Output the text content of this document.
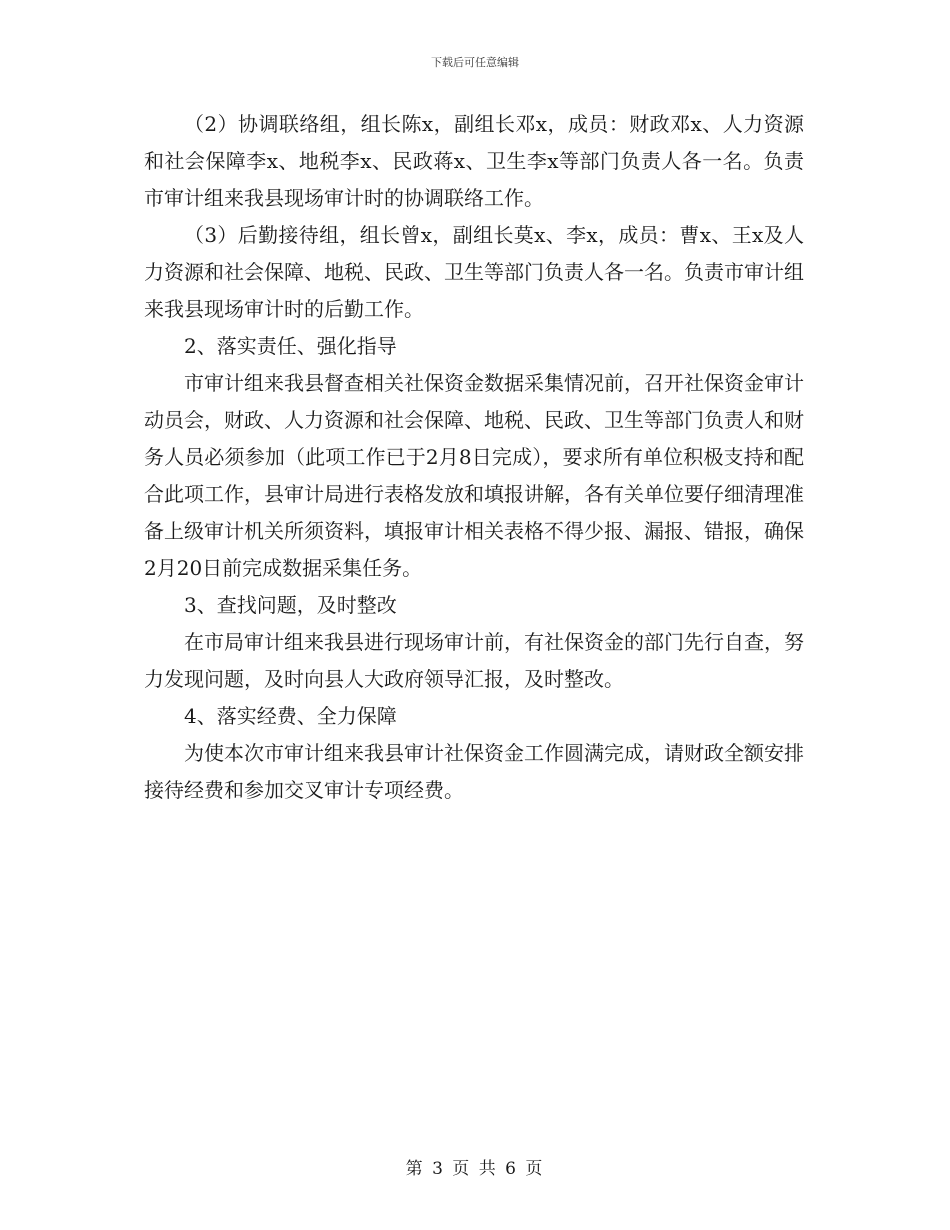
下载后可任意编辑

（2）协调联络组，组长陈x，副组长邓x，成员：财政邓x、人力资源和社会保障李x、地税李x、民政蒋x、卫生李x等部门负责人各一名。负责市审计组来我县现场审计时的协调联络工作。

（3）后勤接待组，组长曾x，副组长莫x、李x，成员：曹x、王x及人力资源和社会保障、地税、民政、卫生等部门负责人各一名。负责市审计组来我县现场审计时的后勤工作。

2、落实责任、强化指导

市审计组来我县督查相关社保资金数据采集情况前，召开社保资金审计动员会，财政、人力资源和社会保障、地税、民政、卫生等部门负责人和财务人员必须参加（此项工作已于2月8日完成），要求所有单位积极支持和配合此项工作，县审计局进行表格发放和填报讲解，各有关单位要仔细清理准备上级审计机关所须资料，填报审计相关表格不得少报、漏报、错报，确保2月20日前完成数据采集任务。

3、查找问题，及时整改

在市局审计组来我县进行现场审计前，有社保资金的部门先行自查，努力发现问题，及时向县人大政府领导汇报，及时整改。

4、落实经费、全力保障

为使本次市审计组来我县审计社保资金工作圆满完成，请财政全额安排接待经费和参加交叉审计专项经费。

第 3 页 共 6 页
